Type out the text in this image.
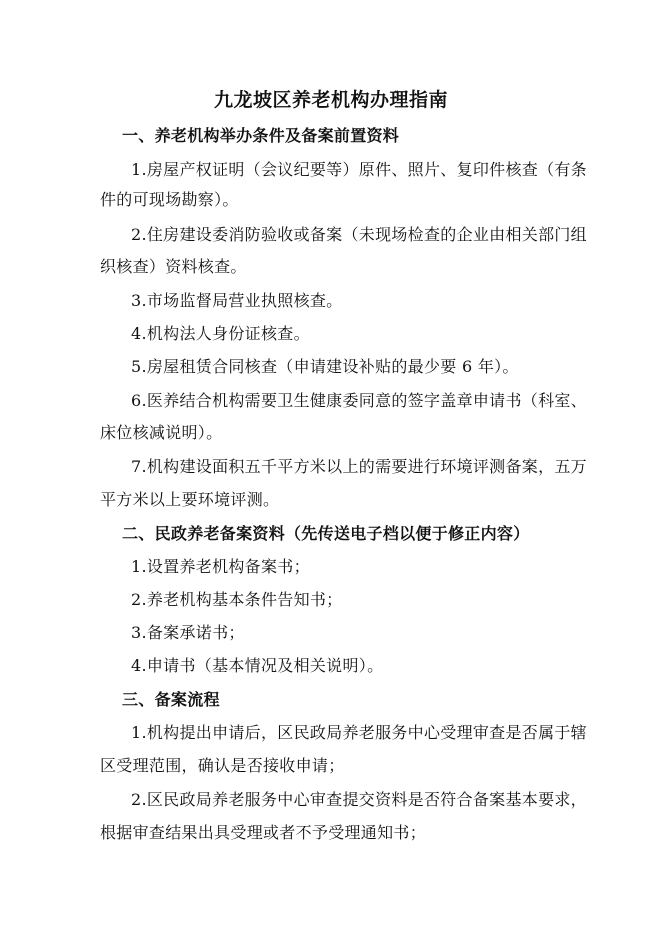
九龙坡区养老机构办理指南
一、养老机构举办条件及备案前置资料
1.房屋产权证明（会议纪要等）原件、照片、复印件核查（有条
件的可现场勘察）。
2.住房建设委消防验收或备案（未现场检查的企业由相关部门组
织核查）资料核查。
3.市场监督局营业执照核查。
4.机构法人身份证核查。
5.房屋租赁合同核查（申请建设补贴的最少要 6 年）。
6.医养结合机构需要卫生健康委同意的签字盖章申请书（科室、
床位核减说明）。
7.机构建设面积五千平方米以上的需要进行环境评测备案，五万
平方米以上要环境评测。
二、民政养老备案资料（先传送电子档以便于修正内容）
1.设置养老机构备案书；
2.养老机构基本条件告知书；
3.备案承诺书；
4.申请书（基本情况及相关说明）。
三、备案流程
1.机构提出申请后，区民政局养老服务中心受理审查是否属于辖
区受理范围，确认是否接收申请；
2.区民政局养老服务中心审查提交资料是否符合备案基本要求，
根据审查结果出具受理或者不予受理通知书；
